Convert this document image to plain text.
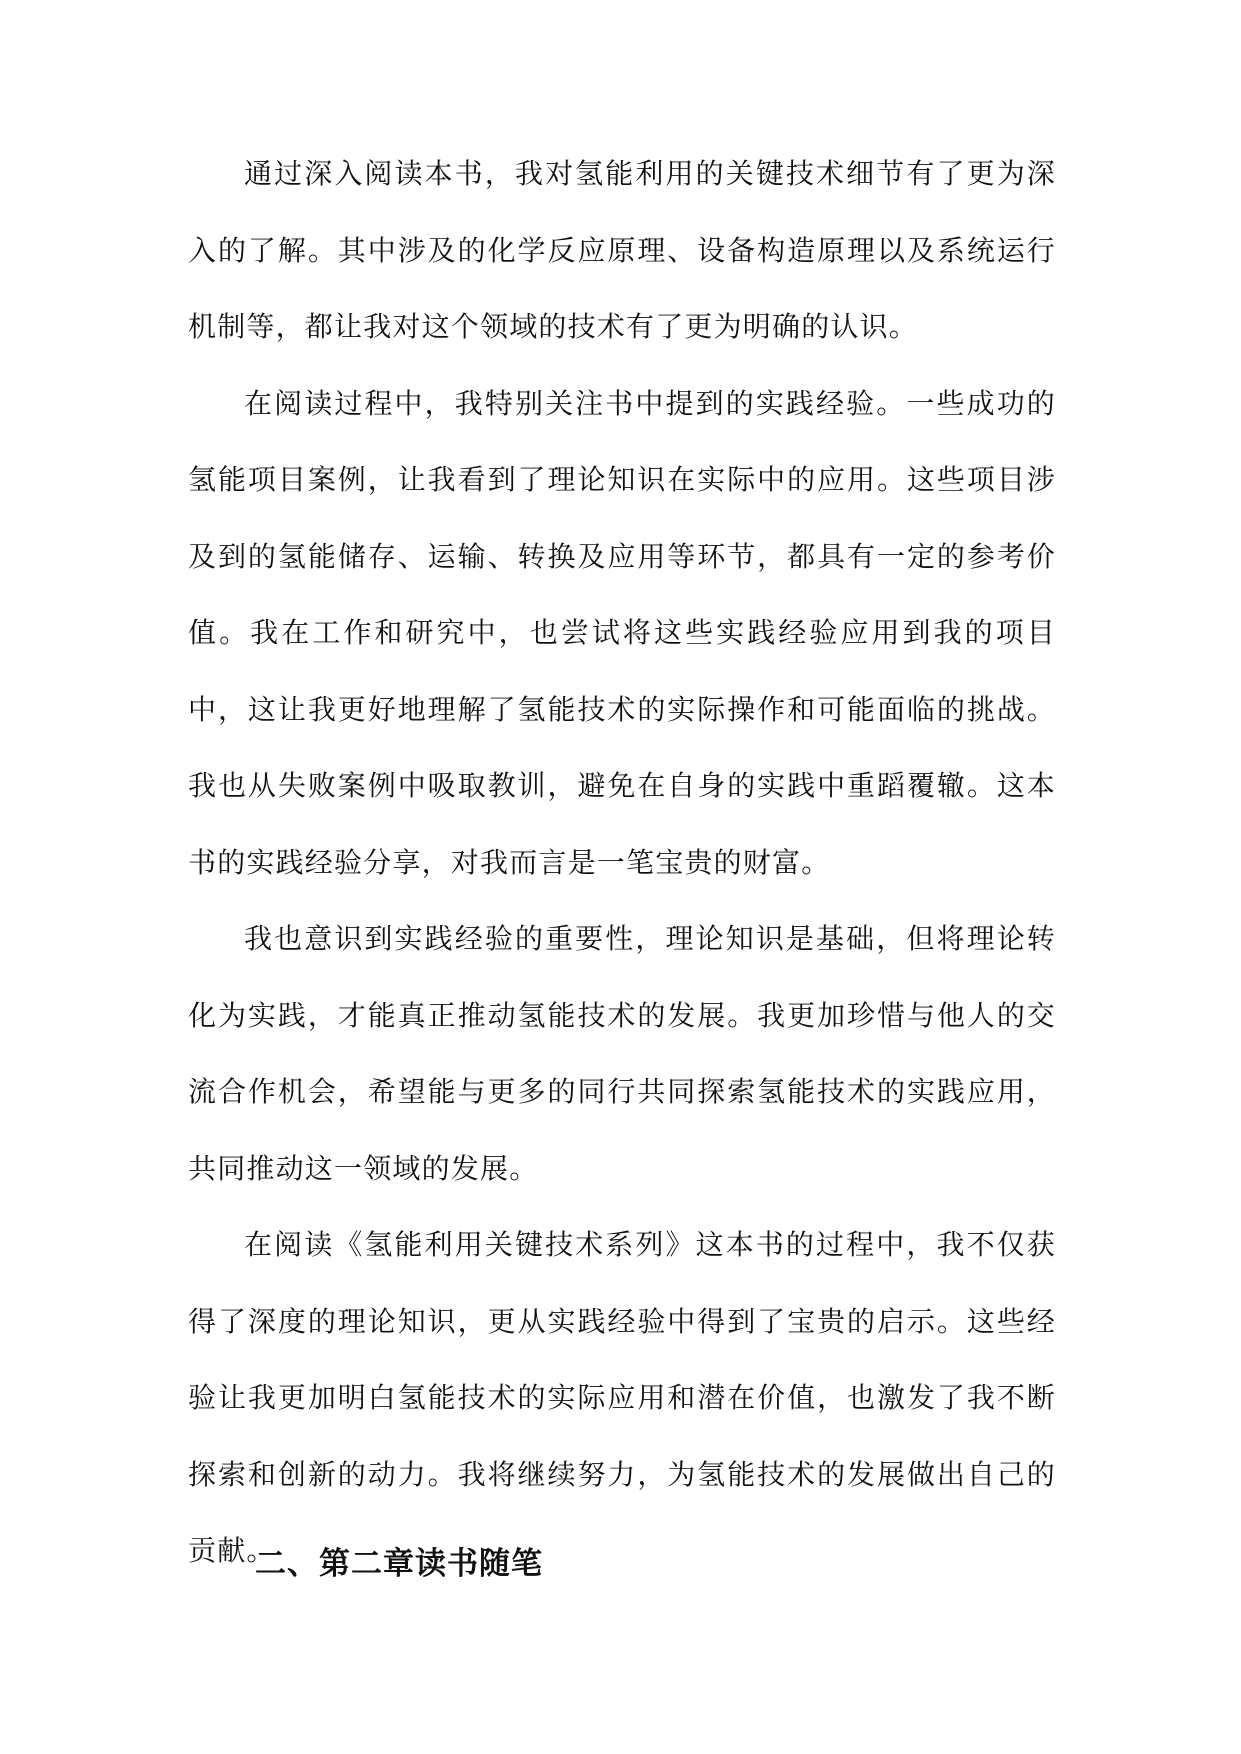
通过深入阅读本书，我对氢能利用的关键技术细节有了更为深入的了解。其中涉及的化学反应原理、设备构造原理以及系统运行机制等，都让我对这个领域的技术有了更为明确的认识。

在阅读过程中，我特别关注书中提到的实践经验。一些成功的氢能项目案例，让我看到了理论知识在实际中的应用。这些项目涉及到的氢能储存、运输、转换及应用等环节，都具有一定的参考价值。我在工作和研究中，也尝试将这些实践经验应用到我的项目中，这让我更好地理解了氢能技术的实际操作和可能面临的挑战。我也从失败案例中吸取教训，避免在自身的实践中重蹈覆辙。这本书的实践经验分享，对我而言是一笔宝贵的财富。

我也意识到实践经验的重要性，理论知识是基础，但将理论转化为实践，才能真正推动氢能技术的发展。我更加珍惜与他人的交流合作机会，希望能与更多的同行共同探索氢能技术的实践应用，共同推动这一领域的发展。

在阅读《氢能利用关键技术系列》这本书的过程中，我不仅获得了深度的理论知识，更从实践经验中得到了宝贵的启示。这些经验让我更加明白氢能技术的实际应用和潜在价值，也激发了我不断探索和创新的动力。我将继续努力，为氢能技术的发展做出自己的贡献。

二、第二章读书随笔
